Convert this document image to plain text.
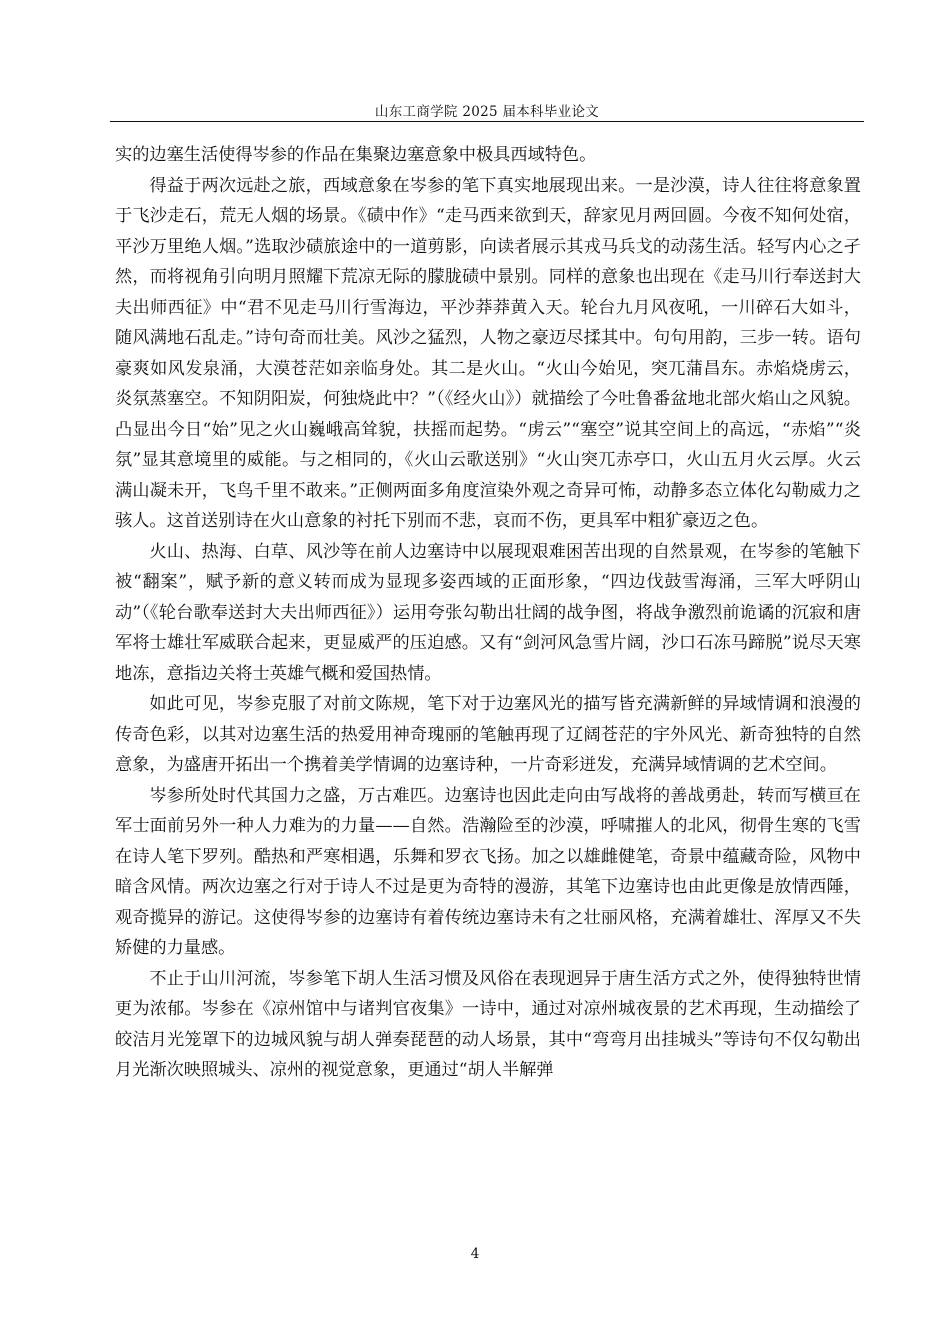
山东工商学院 2025 届本科毕业论文

实的边塞生活使得岑参的作品在集聚边塞意象中极具西域特色。

得益于两次远赴之旅，西域意象在岑参的笔下真实地展现出来。一是沙漠，诗人往往将意象置于飞沙走石，荒无人烟的场景。《碛中作》“走马西来欲到天，辞家见月两回圆。今夜不知何处宿，平沙万里绝人烟。”选取沙碛旅途中的一道剪影，向读者展示其戎马兵戈的动荡生活。轻写内心之孑然，而将视角引向明月照耀下荒凉无际的朦胧碛中景别。同样的意象也出现在《走马川行奉送封大夫出师西征》中“君不见走马川行雪海边，平沙莽莽黄入天。轮台九月风夜吼，一川碎石大如斗，随风满地石乱走。”诗句奇而壮美。风沙之猛烈，人物之豪迈尽揉其中。句句用韵，三步一转。语句豪爽如风发泉涌，大漠苍茫如亲临身处。其二是火山。“火山今始见，突兀蒲昌东。赤焰烧虏云，炎氛蒸塞空。不知阴阳炭，何独烧此中？”（《经火山》）就描绘了今吐鲁番盆地北部火焰山之风貌。凸显出今日“始”见之火山巍峨高耸貌，扶摇而起势。“虏云”“塞空”说其空间上的高远，“赤焰”“炎氛”显其意境里的威能。与之相同的，《火山云歌送别》“火山突兀赤亭口，火山五月火云厚。火云满山凝未开，飞鸟千里不敢来。”正侧两面多角度渲染外观之奇异可怖，动静多态立体化勾勒威力之骇人。这首送别诗在火山意象的衬托下别而不悲，哀而不伤，更具军中粗犷豪迈之色。

火山、热海、白草、风沙等在前人边塞诗中以展现艰难困苦出现的自然景观，在岑参的笔触下被“翻案”，赋予新的意义转而成为显现多姿西域的正面形象，“四边伐鼓雪海涌，三军大呼阴山动”（《轮台歌奉送封大夫出师西征》）运用夸张勾勒出壮阔的战争图，将战争激烈前诡谲的沉寂和唐军将士雄壮军威联合起来，更显威严的压迫感。又有“剑河风急雪片阔，沙口石冻马蹄脱”说尽天寒地冻，意指边关将士英雄气概和爱国热情。

如此可见，岑参克服了对前文陈规，笔下对于边塞风光的描写皆充满新鲜的异域情调和浪漫的传奇色彩，以其对边塞生活的热爱用神奇瑰丽的笔触再现了辽阔苍茫的宇外风光、新奇独特的自然意象，为盛唐开拓出一个携着美学情调的边塞诗种，一片奇彩迸发，充满异域情调的艺术空间。

岑参所处时代其国力之盛，万古难匹。边塞诗也因此走向由写战将的善战勇赴，转而写横亘在军士面前另外一种人力难为的力量——自然。浩瀚险至的沙漠，呼啸摧人的北风，彻骨生寒的飞雪在诗人笔下罗列。酷热和严寒相遇，乐舞和罗衣飞扬。加之以雄雌健笔，奇景中蕴藏奇险，风物中暗含风情。两次边塞之行对于诗人不过是更为奇特的漫游，其笔下边塞诗也由此更像是放情西陲，观奇揽异的游记。这使得岑参的边塞诗有着传统边塞诗未有之壮丽风格，充满着雄壮、浑厚又不失矫健的力量感。

不止于山川河流，岑参笔下胡人生活习惯及风俗在表现迥异于唐生活方式之外，使得独特世情更为浓郁。岑参在《凉州馆中与诸判官夜集》一诗中，通过对凉州城夜景的艺术再现，生动描绘了皎洁月光笼罩下的边城风貌与胡人弹奏琵琶的动人场景，其中“弯弯月出挂城头”等诗句不仅勾勒出月光渐次映照城头、凉州的视觉意象，更通过“胡人半解弹

4
